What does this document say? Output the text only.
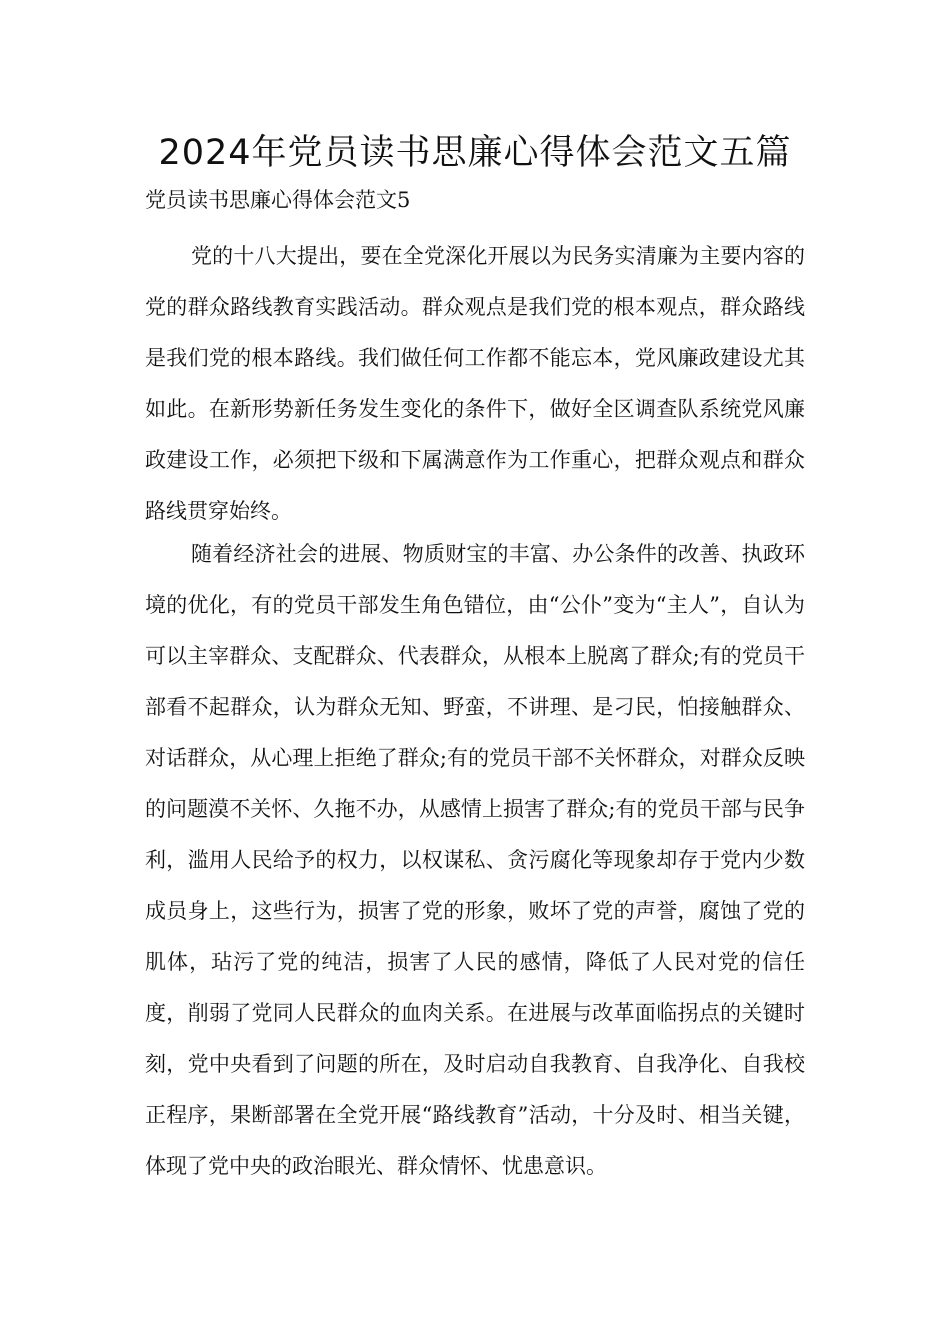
2024年党员读书思廉心得体会范文五篇

党员读书思廉心得体会范文5

党的十八大提出，要在全党深化开展以为民务实清廉为主要内容的党的群众路线教育实践活动。群众观点是我们党的根本观点，群众路线是我们党的根本路线。我们做任何工作都不能忘本，党风廉政建设尤其如此。在新形势新任务发生变化的条件下，做好全区调查队系统党风廉政建设工作，必须把下级和下属满意作为工作重心，把群众观点和群众路线贯穿始终。

随着经济社会的进展、物质财宝的丰富、办公条件的改善、执政环境的优化，有的党员干部发生角色错位，由“公仆”变为“主人”，自认为可以主宰群众、支配群众、代表群众，从根本上脱离了群众;有的党员干部看不起群众，认为群众无知、野蛮，不讲理、是刁民，怕接触群众、对话群众，从心理上拒绝了群众;有的党员干部不关怀群众，对群众反映的问题漠不关怀、久拖不办，从感情上损害了群众;有的党员干部与民争利，滥用人民给予的权力，以权谋私、贪污腐化等现象却存于党内少数成员身上，这些行为，损害了党的形象，败坏了党的声誉，腐蚀了党的肌体，玷污了党的纯洁，损害了人民的感情，降低了人民对党的信任度，削弱了党同人民群众的血肉关系。在进展与改革面临拐点的关键时刻，党中央看到了问题的所在，及时启动自我教育、自我净化、自我校正程序，果断部署在全党开展“路线教育”活动，十分及时、相当关键，体现了党中央的政治眼光、群众情怀、忧患意识。
